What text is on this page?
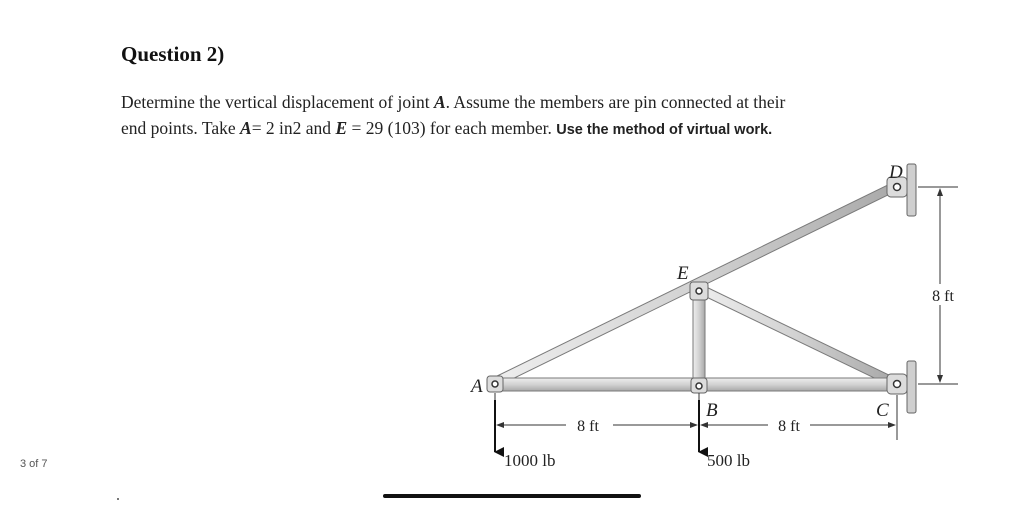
3 of 7
Question 2)
Determine the vertical displacement of joint A. Assume the members are pin connected at their
end points. Take A= 2 in2 and E = 29 (103) for each member. Use the method of virtual work.
8 ft
8 ft	8 ft
1000 lb	500 lb
A
E
B	C
D
